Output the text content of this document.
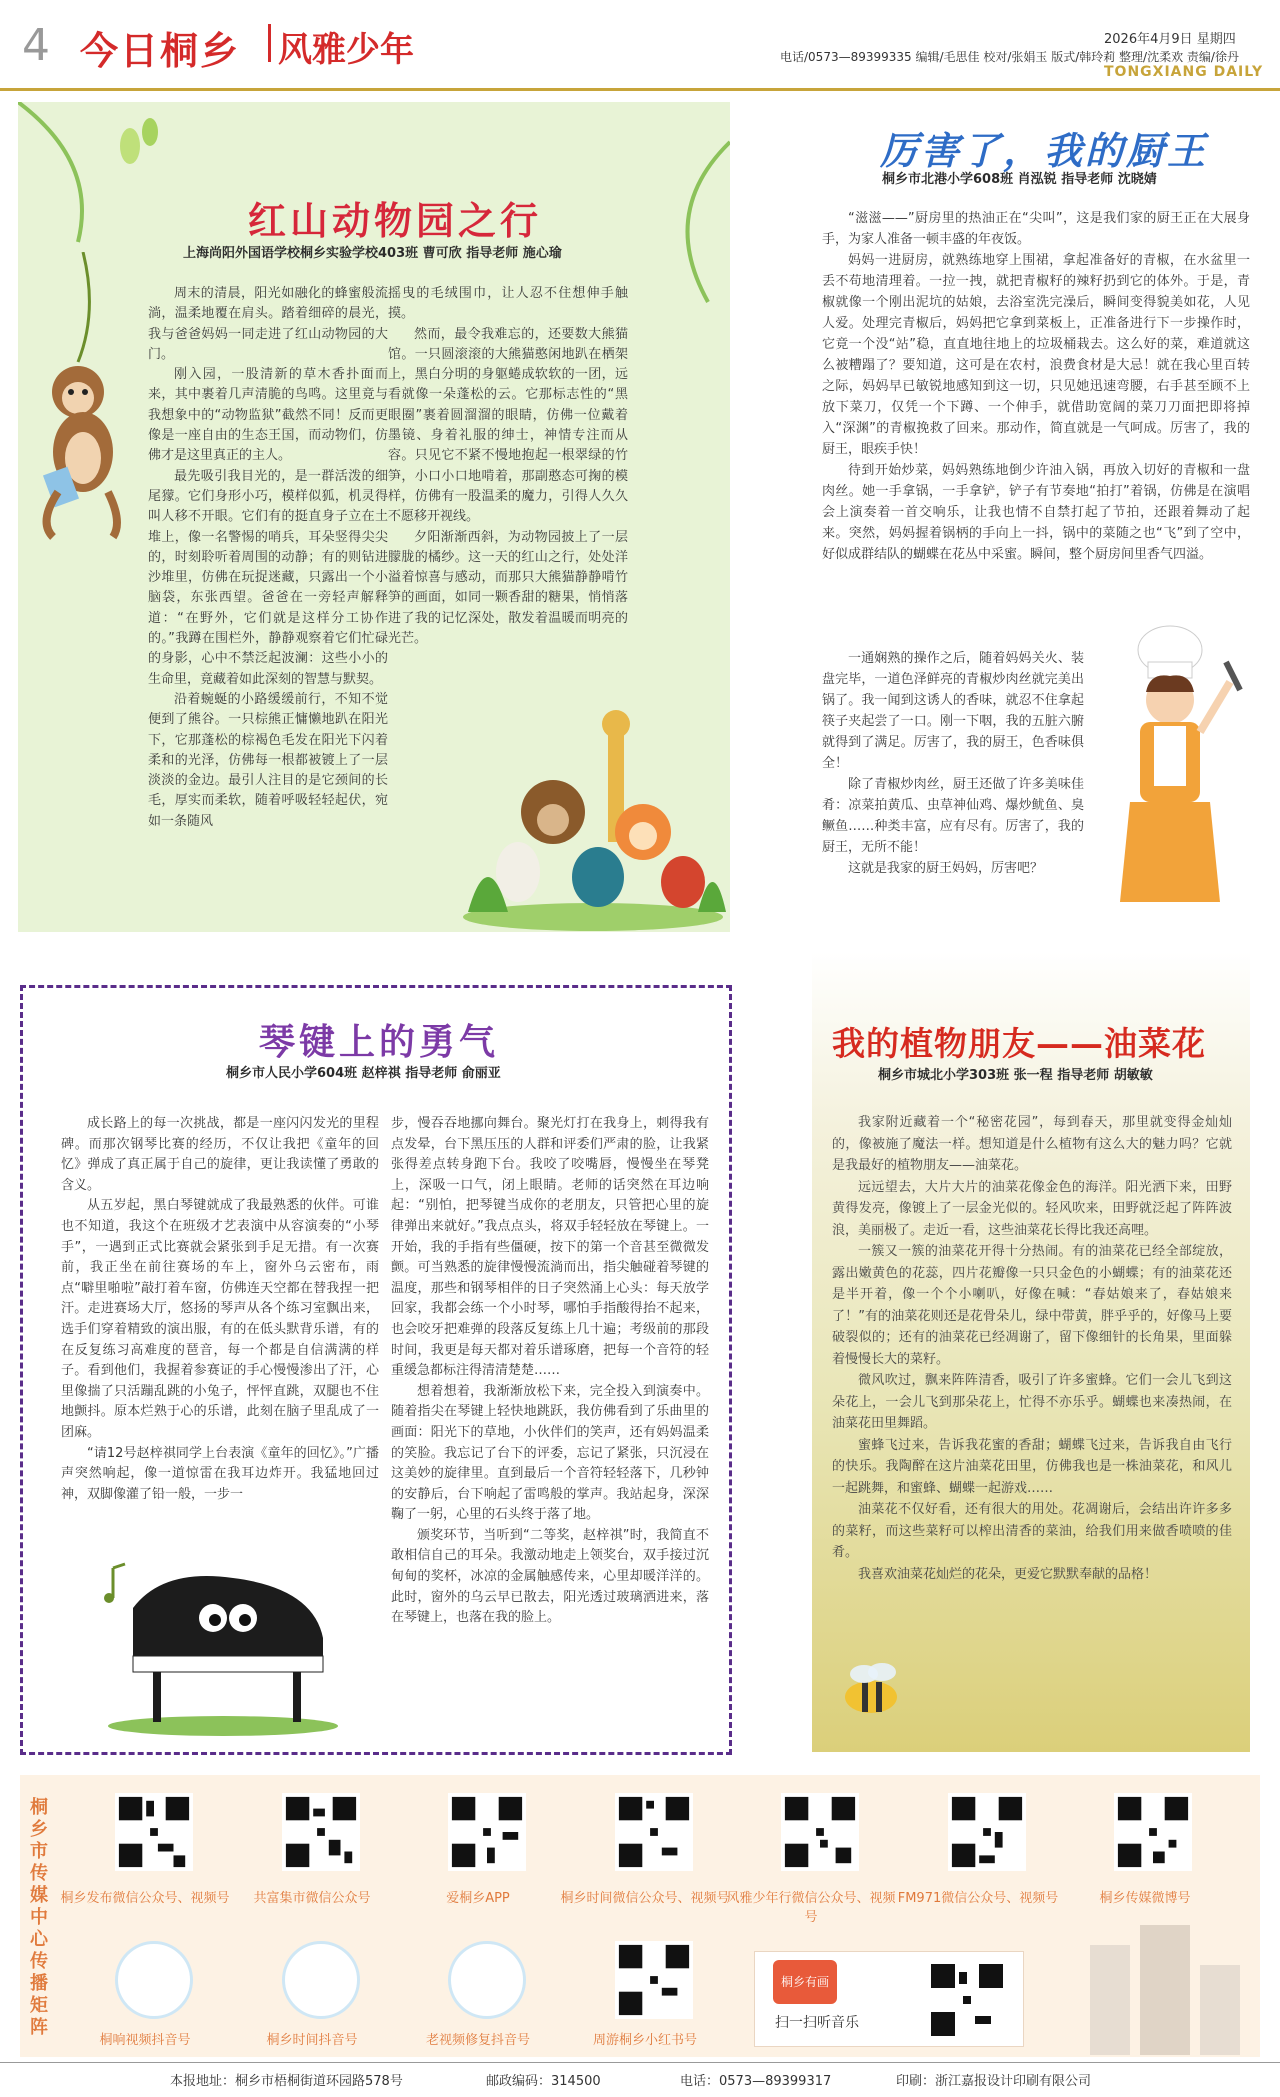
4 今日桐乡 风雅少年	2026年4月9日 星期四
电话/0573—89399335 编辑/毛思佳 校对/张娟玉 版式/韩玲莉 整理/沈柔欢 责编/徐丹
TONGXIANG DAILY
红山动物园之行
上海尚阳外国语学校桐乡实验学校403班 曹可欣 指导老师 施心瑜

周末的清晨，阳光如融化的蜂蜜般流淌，温柔地覆在肩头。踏着细碎的晨光，我与爸爸妈妈一同走进了红山动物园的大门。

刚入园，一股清新的草木香扑面而来，其中裹着几声清脆的鸟鸣。这里竟与我想象中的“动物监狱”截然不同！反而更像是一座自由的生态王国，而动物们，仿佛才是这里真正的主人。

最先吸引我目光的，是一群活泼的细尾獴。它们身形小巧，模样似狐，机灵得叫人移不开眼。它们有的挺直身子立在土堆上，像一名警惕的哨兵，耳朵竖得尖尖的，时刻聆听着周围的动静；有的则钻进沙堆里，仿佛在玩捉迷藏，只露出一个小脑袋，东张西望。爸爸在一旁轻声解释道：“在野外，它们就是这样分工协作的。”我蹲在围栏外，静静观察着它们忙碌的身影，心中不禁泛起波澜：这些小小的生命里，竟藏着如此深刻的智慧与默契。

沿着蜿蜒的小路缓缓前行，不知不觉便到了熊谷。一只棕熊正慵懒地趴在阳光下，它那蓬松的棕褐色毛发在阳光下闪着柔和的光泽，仿佛每一根都被镀上了一层淡淡的金边。最引人注目的是它颈间的长毛，厚实而柔软，随着呼吸轻轻起伏，宛如一条随风

摇曳的毛绒围巾，让人忍不住想伸手触摸。

然而，最令我难忘的，还要数大熊猫馆。一只圆滚滚的大熊猫憨闲地趴在栖架上，黑白分明的身躯蜷成软软的一团，远看就像一朵蓬松的云。它那标志性的“黑眼圈”裹着圆溜溜的眼睛，仿佛一位戴着墨镜、身着礼服的绅士，神情专注而从容。只见它不紧不慢地抱起一根翠绿的竹笋，小口小口地啃着，那副憨态可掬的模样，仿佛有一股温柔的魔力，引得人久久不愿移开视线。

夕阳渐渐西斜，为动物园披上了一层朦胧的橘纱。这一天的红山之行，处处洋溢着惊喜与感动，而那只大熊猫静静啃竹笋的画面，如同一颗香甜的糖果，悄悄落进了我的记忆深处，散发着温暖而明亮的光芒。

厉害了，我的厨王
桐乡市北港小学608班 肖泓锐 指导老师 沈晓婧

“滋滋——”厨房里的热油正在“尖叫”，这是我们家的厨王正在大展身手，为家人准备一顿丰盛的年夜饭。

妈妈一进厨房，就熟练地穿上围裙，拿起准备好的青椒，在水盆里一丢不苟地清理着。一拉一拽，就把青椒籽的辣籽扔到它的体外。于是，青椒就像一个刚出泥坑的姑娘，去浴室洗完澡后，瞬间变得貌美如花，人见人爱。处理完青椒后，妈妈把它拿到菜板上，正准备进行下一步操作时，它竟一个没“站”稳，直直地往地上的垃圾桶栽去。这么好的菜，难道就这么被糟蹋了？要知道，这可是在农村，浪费食材是大忌！就在我心里百转之际，妈妈早已敏锐地感知到这一切，只见她迅速弯腰，右手甚至顾不上放下菜刀，仅凭一个下蹲、一个伸手，就借助宽阔的菜刀刀面把即将掉入“深渊”的青椒挽救了回来。那动作，简直就是一气呵成。厉害了，我的厨王，眼疾手快！

待到开始炒菜，妈妈熟练地倒少许油入锅，再放入切好的青椒和一盘肉丝。她一手拿锅，一手拿铲，铲子有节奏地“拍打”着锅，仿佛是在演唱会上演奏着一首交响乐，让我也情不自禁打起了节拍，还跟着舞动了起来。突然，妈妈握着锅柄的手向上一抖，锅中的菜随之也“飞”到了空中，好似成群结队的蝴蝶在花丛中采蜜。瞬间，整个厨房间里香气四溢。

一通娴熟的操作之后，随着妈妈关火、装盘完毕，一道色泽鲜亮的青椒炒肉丝就完美出锅了。我一闻到这诱人的香味，就忍不住拿起筷子夹起尝了一口。刚一下咽，我的五脏六腑就得到了满足。厉害了，我的厨王，色香味俱全！

除了青椒炒肉丝，厨王还做了许多美味佳肴：凉菜拍黄瓜、虫草神仙鸡、爆炒鱿鱼、臭鳜鱼……种类丰富，应有尽有。厉害了，我的厨王，无所不能！

这就是我家的厨王妈妈，厉害吧？

琴键上的勇气
桐乡市人民小学604班 赵梓祺 指导老师 俞丽亚

成长路上的每一次挑战，都是一座闪闪发光的里程碑。而那次钢琴比赛的经历，不仅让我把《童年的回忆》弹成了真正属于自己的旋律，更让我读懂了勇敢的含义。

从五岁起，黑白琴键就成了我最熟悉的伙伴。可谁也不知道，我这个在班级才艺表演中从容演奏的“小琴手”，一遇到正式比赛就会紧张到手足无措。有一次赛前，我正坐在前往赛场的车上，窗外乌云密布，雨点“噼里啪啦”敲打着车窗，仿佛连天空都在替我捏一把汗。走进赛场大厅，悠扬的琴声从各个练习室飘出来，选手们穿着精致的演出服，有的在低头默背乐谱，有的在反复练习高难度的琶音，每一个都是自信满满的样子。看到他们，我握着参赛证的手心慢慢渗出了汗，心里像揣了只活蹦乱跳的小兔子，怦怦直跳，双腿也不住地颤抖。原本烂熟于心的乐谱，此刻在脑子里乱成了一团麻。

“请12号赵梓祺同学上台表演《童年的回忆》。”广播声突然响起，像一道惊雷在我耳边炸开。我猛地回过神，双脚像灌了铅一般，一步一

步，慢吞吞地挪向舞台。聚光灯打在我身上，刺得我有点发晕，台下黑压压的人群和评委们严肃的脸，让我紧张得差点转身跑下台。我咬了咬嘴唇，慢慢坐在琴凳上，深吸一口气，闭上眼睛。老师的话突然在耳边响起：“别怕，把琴键当成你的老朋友，只管把心里的旋律弹出来就好。”我点点头，将双手轻轻放在琴键上。一开始，我的手指有些僵硬，按下的第一个音甚至微微发颤。可当熟悉的旋律慢慢流淌而出，指尖触碰着琴键的温度，那些和钢琴相伴的日子突然涌上心头：每天放学回家，我都会练一个小时琴，哪怕手指酸得抬不起来，也会咬牙把难弹的段落反复练上几十遍；考级前的那段时间，我更是每天都对着乐谱琢磨，把每一个音符的轻重缓急都标注得清清楚楚……

想着想着，我渐渐放松下来，完全投入到演奏中。随着指尖在琴键上轻快地跳跃，我仿佛看到了乐曲里的画面：阳光下的草地，小伙伴们的笑声，还有妈妈温柔的笑脸。我忘记了台下的评委，忘记了紧张，只沉浸在这美妙的旋律里。直到最后一个音符轻轻落下，几秒钟的安静后，台下响起了雷鸣般的掌声。我站起身，深深鞠了一躬，心里的石头终于落了地。

颁奖环节，当听到“二等奖，赵梓祺”时，我简直不敢相信自己的耳朵。我激动地走上领奖台，双手接过沉甸甸的奖杯，冰凉的金属触感传来，心里却暖洋洋的。此时，窗外的乌云早已散去，阳光透过玻璃洒进来，落在琴键上，也落在我的脸上。

我的植物朋友——油菜花
桐乡市城北小学303班 张一程 指导老师 胡敏敏

我家附近藏着一个“秘密花园”，每到春天，那里就变得金灿灿的，像被施了魔法一样。想知道是什么植物有这么大的魅力吗？它就是我最好的植物朋友——油菜花。

远远望去，大片大片的油菜花像金色的海洋。阳光洒下来，田野黄得发亮，像镀上了一层金光似的。轻风吹来，田野就泛起了阵阵波浪，美丽极了。走近一看，这些油菜花长得比我还高哩。

一簇又一簇的油菜花开得十分热闹。有的油菜花已经全部绽放，露出嫩黄色的花蕊，四片花瓣像一只只金色的小蝴蝶；有的油菜花还是半开着，像一个个小喇叭，好像在喊：“春姑娘来了，春姑娘来了！”有的油菜花则还是花骨朵儿，绿中带黄，胖乎乎的，好像马上要破裂似的；还有的油菜花已经凋谢了，留下像细针的长角果，里面躲着慢慢长大的菜籽。

微风吹过，飘来阵阵清香，吸引了许多蜜蜂。它们一会儿飞到这朵花上，一会儿飞到那朵花上，忙得不亦乐乎。蝴蝶也来凑热闹，在油菜花田里舞蹈。

蜜蜂飞过来，告诉我花蜜的香甜；蝴蝶飞过来，告诉我自由飞行的快乐。我陶醉在这片油菜花田里，仿佛我也是一株油菜花，和风儿一起跳舞，和蜜蜂、蝴蝶一起游戏……

油菜花不仅好看，还有很大的用处。花凋谢后，会结出许许多多的菜籽，而这些菜籽可以榨出清香的菜油，给我们用来做香喷喷的佳肴。

我喜欢油菜花灿烂的花朵，更爱它默默奉献的品格！

桐乡市传媒中心传播矩阵
桐乡发布微信公众号、视频号	共富集市微信公众号	爱桐乡APP	桐乡时间微信公众号、视频号
风雅少年行微信公众号、视频号
FM971微信公众号、视频号	桐乡传媒微博号
桐响视频抖音号	桐乡时间抖音号	老视频修复抖音号	周游桐乡小红书号
桐乡有画
扫一扫听音乐
本报地址：桐乡市梧桐街道环园路578号	邮政编码：314500	电话：0573—89399317	印刷：浙江嘉报设计印刷有限公司
